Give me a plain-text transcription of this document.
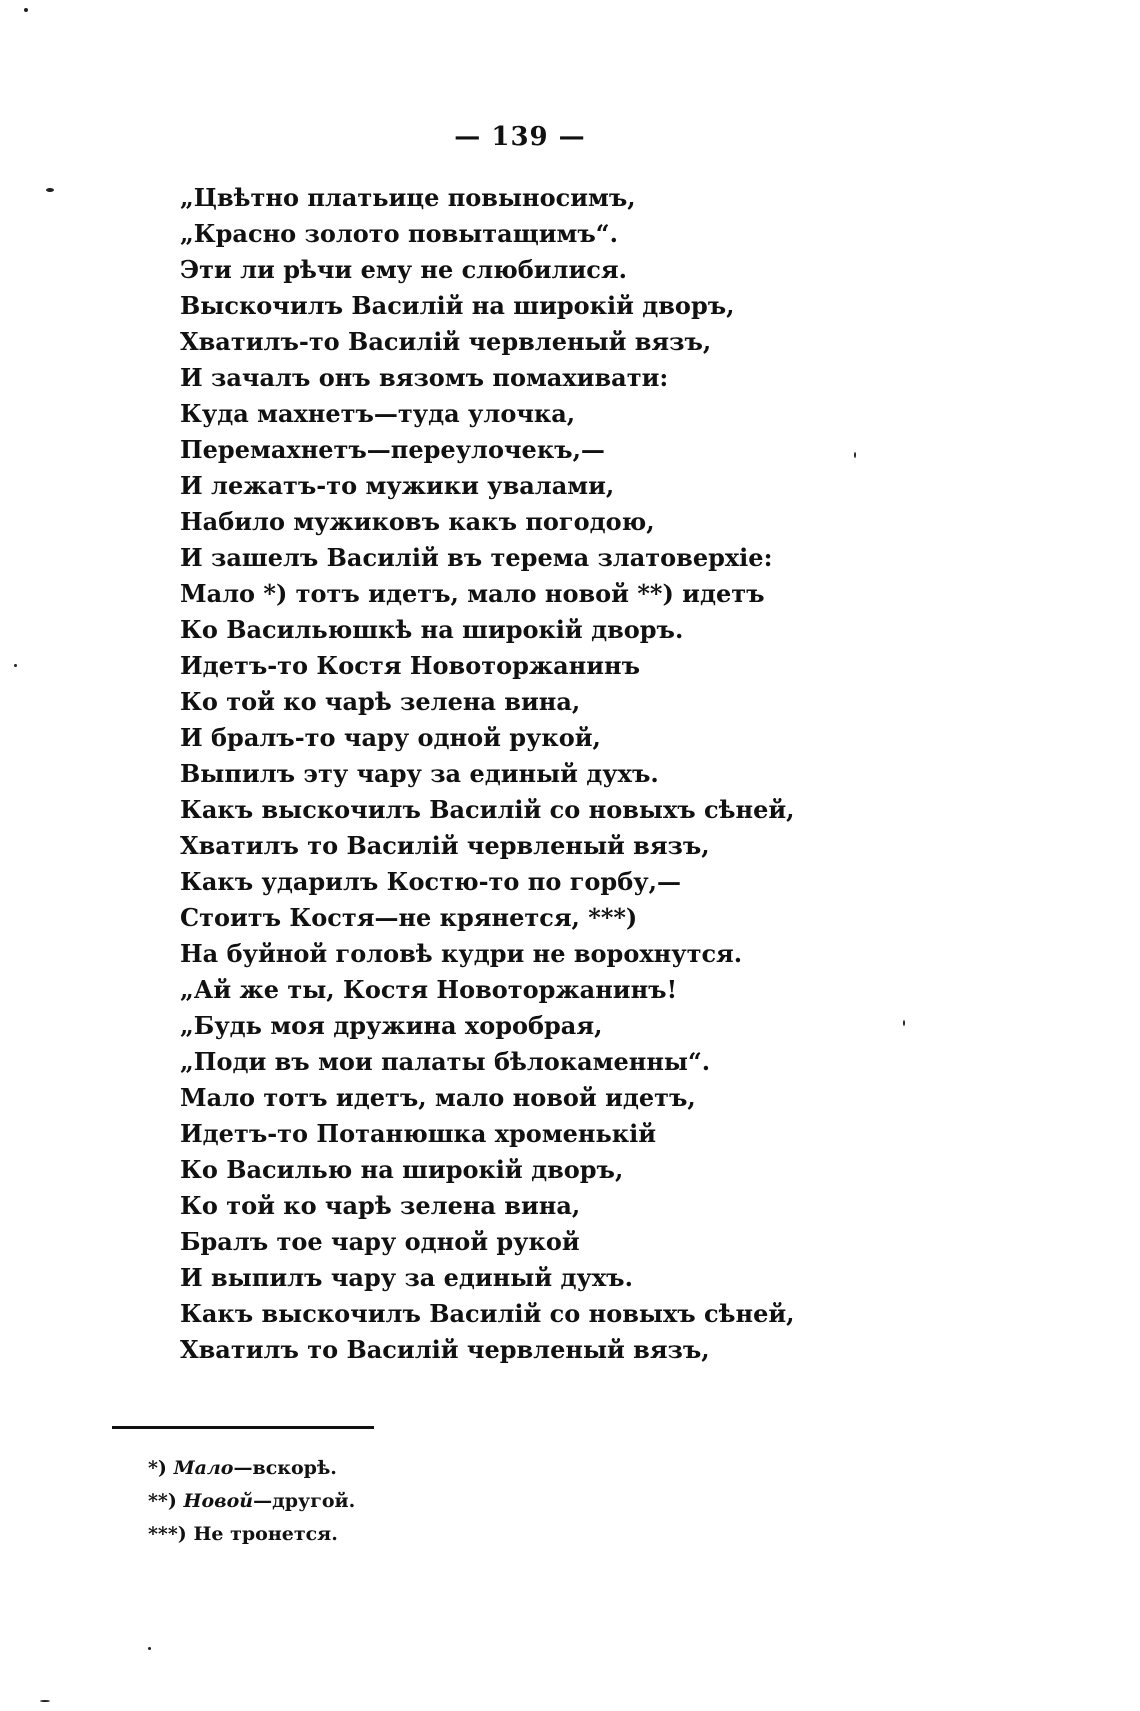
— 139 —
„Цвѣтно платьице повыносимъ,
„Красно золото повытащимъ“.
Эти ли рѣчи ему не слюбилися.
Выскочилъ Василій на широкій дворъ,
Хватилъ-то Василій червленый вязъ,
И зачалъ онъ вязомъ помахивати:
Куда махнетъ—туда улочка,
Перемахнетъ—переулочекъ,—
И лежатъ-то мужики увалами,
Набило мужиковъ какъ погодою,
И зашелъ Василій въ терема златоверхіе:
Мало *) тотъ идетъ, мало новой **) идетъ
Ко Васильюшкѣ на широкій дворъ.
Идетъ-то Костя Новоторжанинъ
Ко той ко чарѣ зелена вина,
И бралъ-то чару одной рукой,
Выпилъ эту чару за единый духъ.
Какъ выскочилъ Василій со новыхъ сѣней,
Хватилъ то Василій червленый вязъ,
Какъ ударилъ Костю-то по горбу,—
Стоитъ Костя—не крянется, ***)
На буйной головѣ кудри не ворохнутся.
„Ай же ты, Костя Новоторжанинъ!
„Будь моя дружина хоробрая,
„Поди въ мои палаты бѣлокаменны“.
Мало тотъ идетъ, мало новой идетъ,
Идетъ-то Потанюшка хроменькій
Ко Василью на широкій дворъ,
Ко той ко чарѣ зелена вина,
Бралъ тое чару одной рукой
И выпилъ чару за единый духъ.
Какъ выскочилъ Василій со новыхъ сѣней,
Хватилъ то Василій червленый вязъ,
*) Мало—вскорѣ.
**) Новой—другой.
***) Не тронется.
